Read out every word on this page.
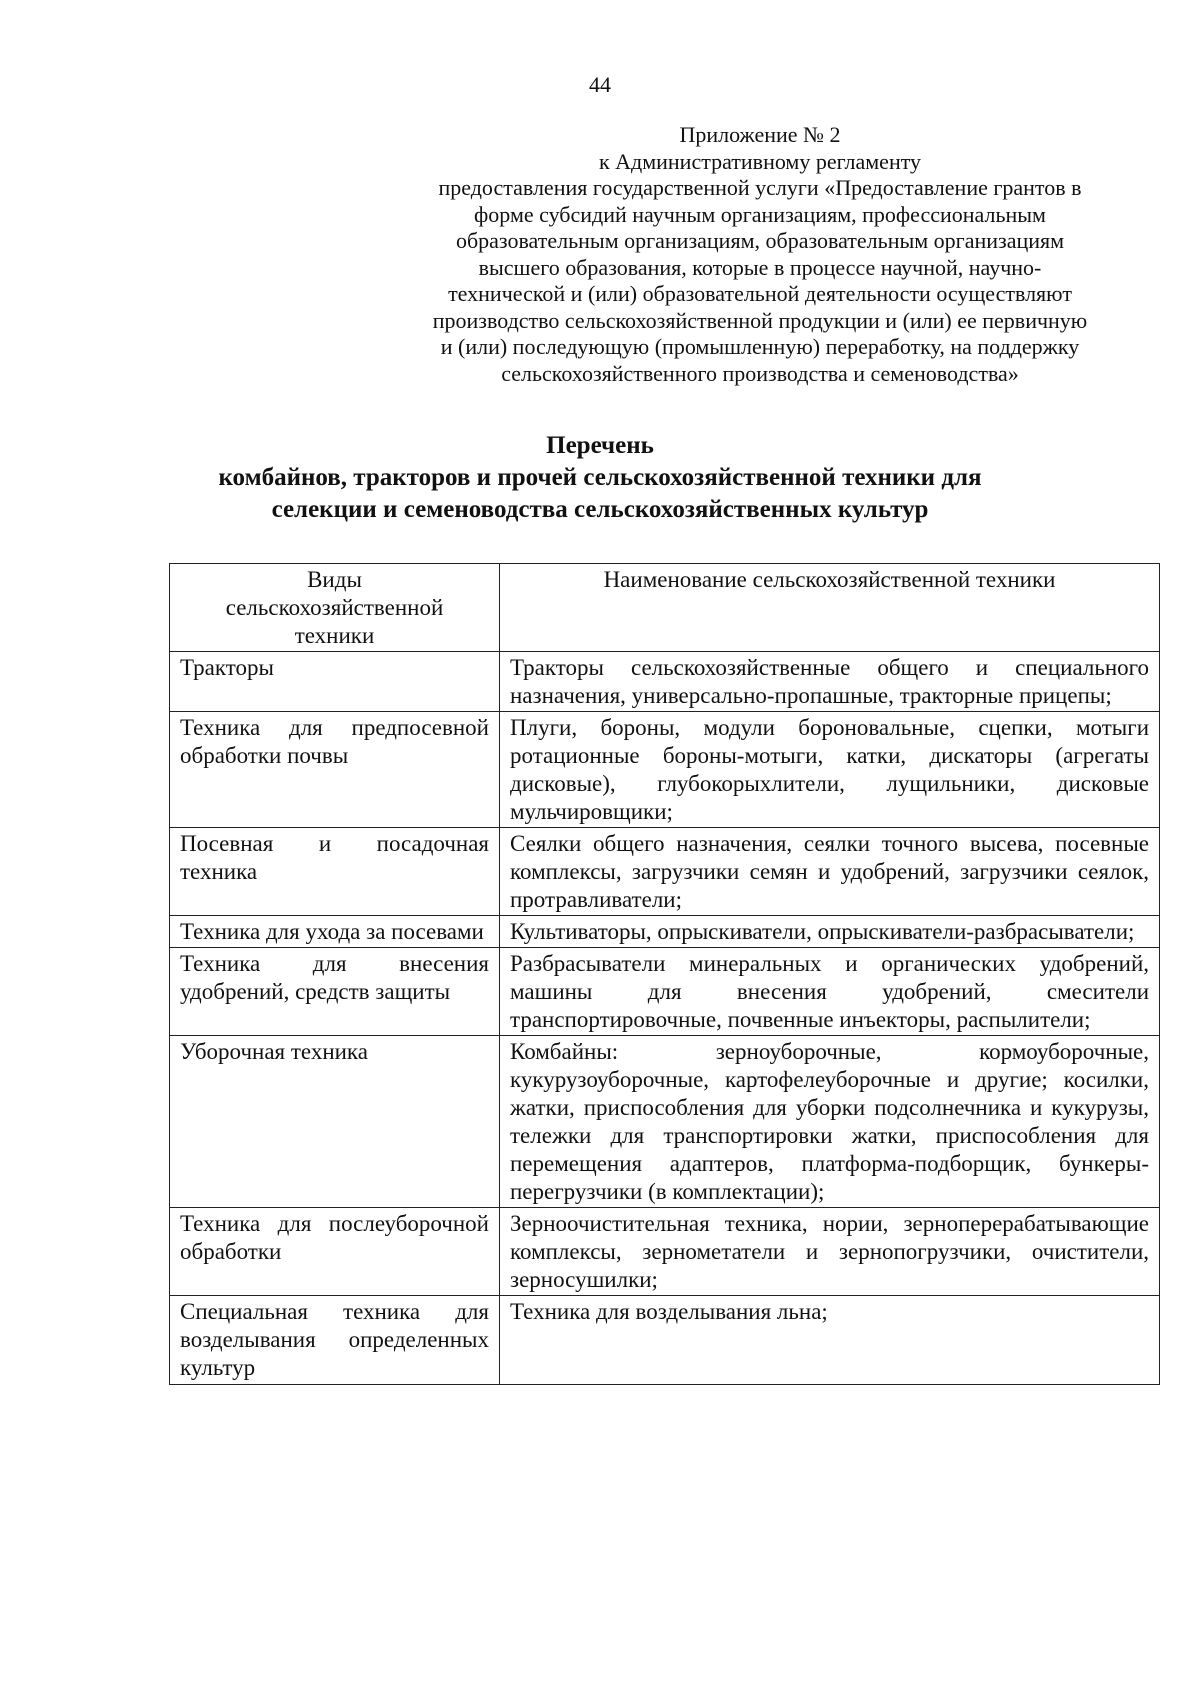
44
Приложение № 2
к Административному регламенту
предоставления государственной услуги «Предоставление грантов в
форме субсидий научным организациям, профессиональным
образовательным организациям, образовательным организациям
высшего образования, которые в процессе научной, научно-
технической и (или) образовательной деятельности осуществляют
производство сельскохозяйственной продукции и (или) ее первичную
и (или) последующую (промышленную) переработку, на поддержку
сельскохозяйственного производства и семеноводства»
Перечень
комбайнов, тракторов и прочей сельскохозяйственной техники для
селекции и семеноводства сельскохозяйственных культур
Виды сельскохозяйственной техники	Наименование сельскохозяйственной техники
Тракторы	Тракторы сельскохозяйственные общего и специального назначения, универсально-пропашные, тракторные прицепы;
Техника для предпосевной обработки почвы	Плуги, бороны, модули бороновальные, сцепки, мотыги ротационные бороны-мотыги, катки, дискаторы (агрегаты дисковые), глубокорыхлители, лущильники, дисковые мульчировщики;
Посевная и посадочная техника	Сеялки общего назначения, сеялки точного высева, посевные комплексы, загрузчики семян и удобрений, загрузчики сеялок, протравливатели;
Техника для ухода за посевами	Культиваторы, опрыскиватели, опрыскиватели-разбрасыватели;
Техника для внесения удобрений, средств защиты	Разбрасыватели минеральных и органических удобрений, машины для внесения удобрений, смесители транспортировочные, почвенные инъекторы, распылители;
Уборочная техника	Комбайны: зерноуборочные, кормоуборочные, кукурузоуборочные, картофелеуборочные и другие; косилки, жатки, приспособления для уборки подсолнечника и кукурузы, тележки для транспортировки жатки, приспособления для перемещения адаптеров, платформа-подборщик, бункеры-перегрузчики (в комплектации);
Техника для послеуборочной обработки	Зерноочистительная техника, нории, зерноперерабатывающие комплексы, зернометатели и зернопогрузчики, очистители, зерносушилки;
Специальная техника для возделывания определенных культур	Техника для возделывания льна;
